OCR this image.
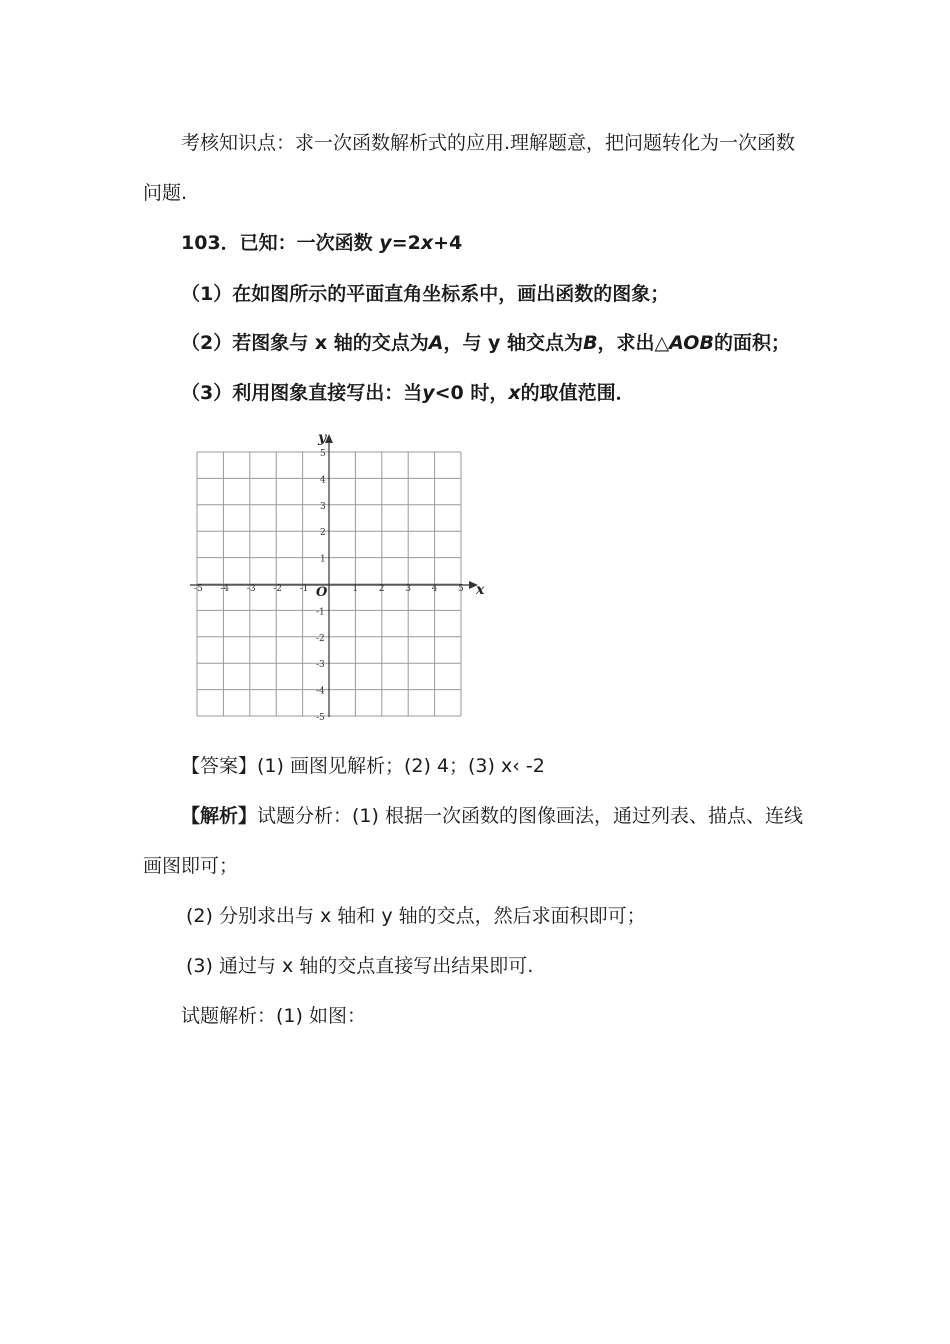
考核知识点：求一次函数解析式的应用.理解题意，把问题转化为一次函数
问题.
103．已知：一次函数 y=2x+4
（1）在如图所示的平面直角坐标系中，画出函数的图象；
（2）若图象与 x 轴的交点为A，与 y 轴交点为B，求出△AOB的面积；
（3）利用图象直接写出：当y<0 时，x的取值范围．
x
y
O
-5 -4 -3 -2 -1	1 2 3 4 5
5
4
3
2
1
-1
-2
-3
-4
-5
【答案】(1) 画图见解析；(2) 4；(3) x‹ -2
【解析】试题分析：(1) 根据一次函数的图像画法，通过列表、描点、连线
画图即可；
(2) 分别求出与 x 轴和 y 轴的交点，然后求面积即可；
(3) 通过与 x 轴的交点直接写出结果即可.
试题解析：(1) 如图：
